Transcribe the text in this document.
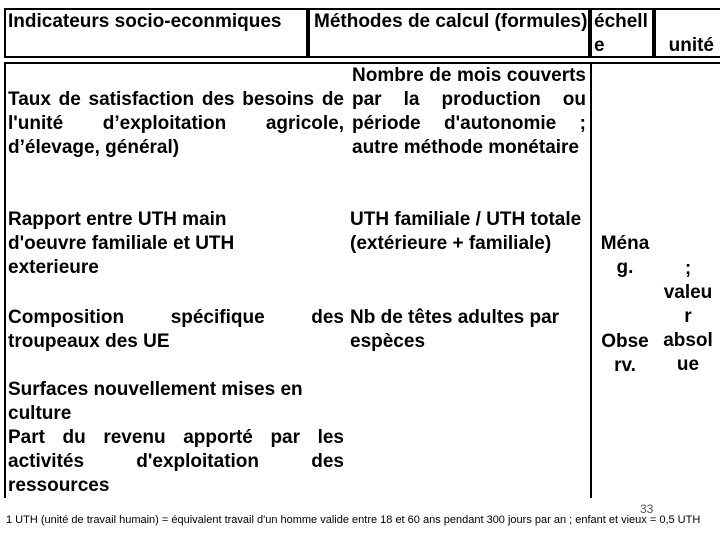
Indicateurs socio-econmiques	Méthodes de calcul (formules) échelle	unité
Taux de satisfaction des besoins de l'unité d’exploitation agricole, d’élevage, général)
Nombre de mois couverts par la production ou période d'autonomie ; autre méthode monétaire
Rapport entre UTH main d'oeuvre familiale et UTH exterieure
UTH familiale / UTH totale (extérieure + familiale)
Composition spécifique des troupeaux des UE
Nb de têtes adultes par espèces
Surfaces nouvellement mises en culture
Part du revenu apporté par les activités d'exploitation des ressources
Ména
g.
Obse
rv.
;
valeu
r
absol
ue
33
1 UTH (unité de travail humain) = équivalent travail d'un homme valide entre 18 et 60 ans pendant 300 jours par an ; enfant et vieux = 0,5 UTH
